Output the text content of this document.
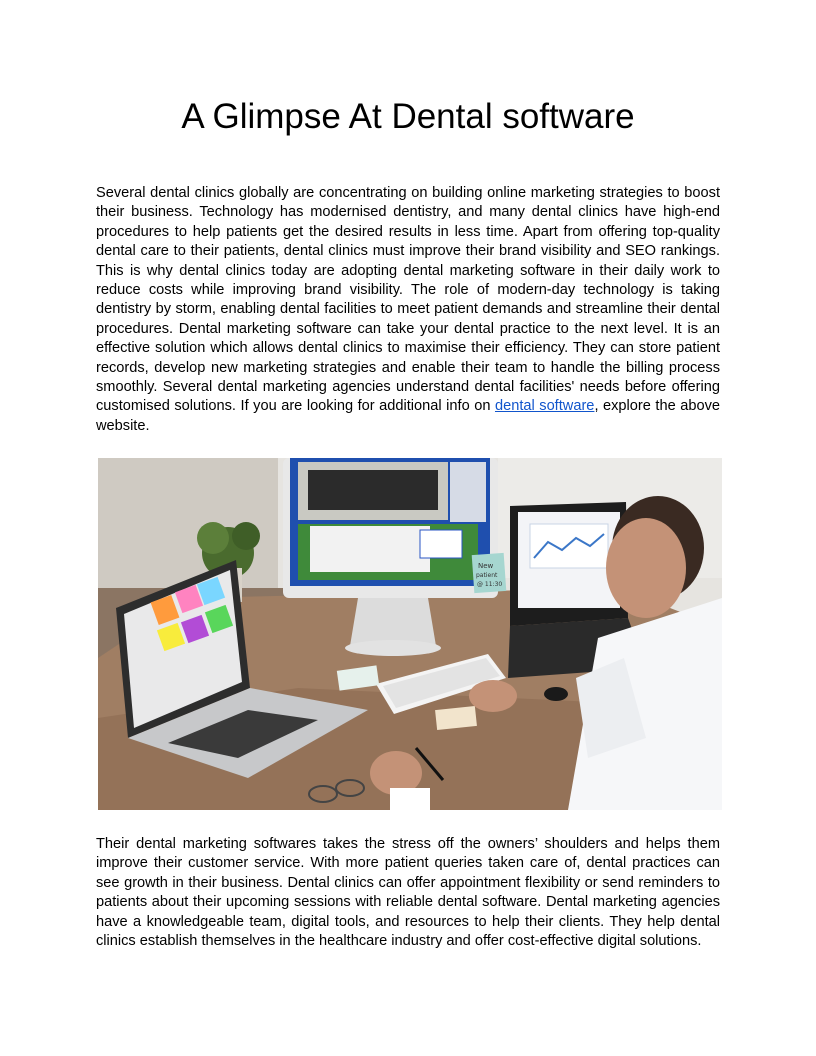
A Glimpse At Dental software

Several dental clinics globally are concentrating on building online marketing strategies to boost their business. Technology has modernised dentistry, and many dental clinics have high-end procedures to help patients get the desired results in less time. Apart from offering top-quality dental care to their patients, dental clinics must improve their brand visibility and SEO rankings. This is why dental clinics today are adopting dental marketing software in their daily work to reduce costs while improving brand visibility. The role of modern-day technology is taking dentistry by storm, enabling dental facilities to meet patient demands and streamline their dental procedures. Dental marketing software can take your dental practice to the next level. It is an effective solution which allows dental clinics to maximise their efficiency. They can store patient records, develop new marketing strategies and enable their team to handle the billing process smoothly. Several dental marketing agencies understand dental facilities' needs before offering customised solutions. If you are looking for additional info on dental software, explore the above website.

New
patient
@ 11:30

Their dental marketing softwares takes the stress off the owners’ shoulders and helps them improve their customer service. With more patient queries taken care of, dental practices can see growth in their business. Dental clinics can offer appointment flexibility or send reminders to patients about their upcoming sessions with reliable dental software. Dental marketing agencies have a knowledgeable team, digital tools, and resources to help their clients. They help dental clinics establish themselves in the healthcare industry and offer cost-effective digital solutions.
